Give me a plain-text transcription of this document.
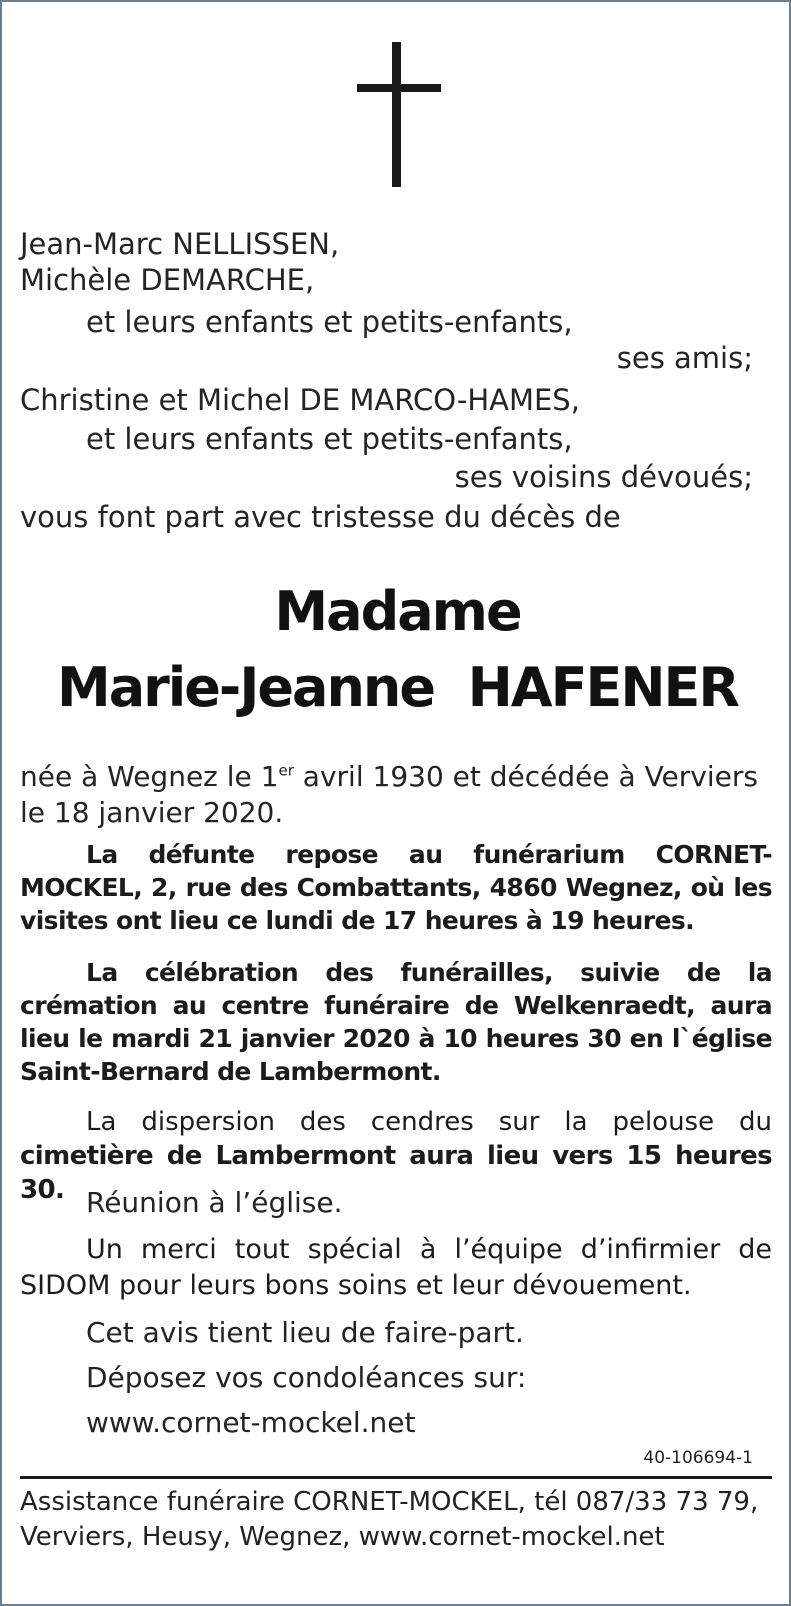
Jean-Marc NELLISSEN,
Michèle DEMARCHE,
et leurs enfants et petits-enfants,
ses amis;
Christine et Michel DE MARCO-HAMES,
et leurs enfants et petits-enfants,
ses voisins dévoués;
vous font part avec tristesse du décès de
Madame
Marie-Jeanne  HAFENER
née à Wegnez le 1er avril 1930 et décédée à Verviers
le 18 janvier 2020.
La défunte repose au funérarium CORNET-MOCKEL, 2, rue des Combattants, 4860 Wegnez, où les visites ont lieu ce lundi de 17 heures à 19 heures.
La célébration des funérailles, suivie de la crémation au centre funéraire de Welkenraedt, aura lieu le mardi 21 janvier 2020 à 10 heures 30 en l`église Saint-Bernard de Lambermont.
La dispersion des cendres sur la pelouse du cimetière de Lambermont aura lieu vers 15 heures 30. Réunion à l’église.
Un merci tout spécial à l’équipe d’infirmier de SIDOM pour leurs bons soins et leur dévouement.
Cet avis tient lieu de faire-part.
Déposez vos condoléances sur:
www.cornet-mockel.net
40-106694-1
Assistance funéraire CORNET-MOCKEL, tél 087/33 73 79,
Verviers, Heusy, Wegnez, www.cornet-mockel.net
